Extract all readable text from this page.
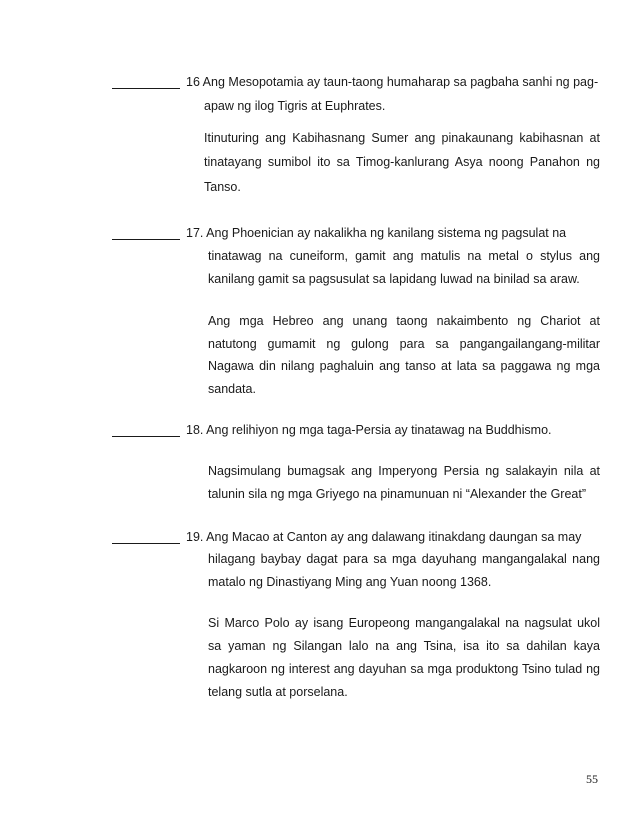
16 Ang Mesopotamia ay taun-taong humaharap sa pagbaha sanhi ng pag-
apaw ng ilog Tigris at Euphrates.
Itinuturing ang Kabihasnang Sumer ang pinakaunang kabihasnan at
tinatayang sumibol ito sa Timog-kanlurang Asya noong Panahon ng
Tanso.
17. Ang Phoenician ay nakalikha ng kanilang sistema ng pagsulat na
tinatawag na cuneiform, gamit ang matulis na metal o stylus ang
kanilang gamit sa pagsusulat sa lapidang luwad na binilad sa araw.
Ang mga Hebreo ang unang taong nakaimbento ng Chariot at
natutong gumamit ng gulong para sa pangangailangang-militar
Nagawa din nilang paghaluin ang tanso at lata sa paggawa ng mga
sandata.
18. Ang relihiyon ng mga taga-Persia ay tinatawag na Buddhismo.
Nagsimulang bumagsak ang Imperyong Persia ng salakayin nila at
talunin sila ng mga Griyego na pinamunuan ni “Alexander the Great”
19. Ang Macao at Canton ay ang dalawang itinakdang daungan sa may
hilagang baybay dagat para sa mga dayuhang mangangalakal nang
matalo ng Dinastiyang Ming ang Yuan noong 1368.
Si Marco Polo ay isang Europeong mangangalakal na nagsulat ukol
sa yaman ng Silangan lalo na ang Tsina, isa ito sa dahilan kaya
nagkaroon ng interest ang dayuhan sa mga produktong Tsino tulad ng
telang sutla at porselana.
55
